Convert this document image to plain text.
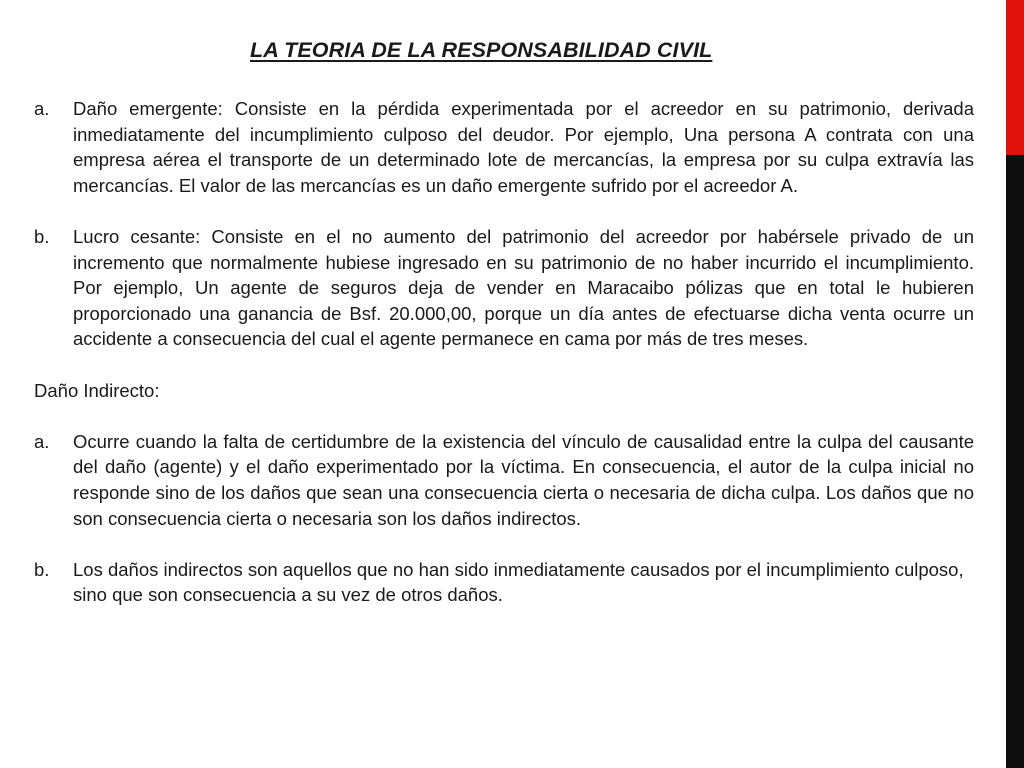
LA TEORIA DE LA RESPONSABILIDAD CIVIL
a.	Daño emergente: Consiste en la pérdida experimentada por el acreedor en su patrimonio, derivada inmediatamente del incumplimiento culposo del deudor. Por ejemplo, Una persona A contrata con una empresa aérea el transporte de un determinado lote de mercancías, la empresa por su culpa extravía las mercancías. El valor de las mercancías es un daño emergente sufrido por el acreedor A.
b.	Lucro cesante: Consiste en el no aumento del patrimonio del acreedor por habérsele privado de un incremento que normalmente hubiese ingresado en su patrimonio de no haber incurrido el incumplimiento. Por ejemplo, Un agente de seguros deja de vender en Maracaibo pólizas que en total le hubieren proporcionado una ganancia de Bsf. 20.000,00, porque un día antes de efectuarse dicha venta ocurre un accidente a consecuencia del cual el agente permanece en cama por más de tres meses.
Daño Indirecto:
a.	Ocurre cuando la falta de certidumbre de la existencia del vínculo de causalidad entre la culpa del causante del daño (agente) y el daño experimentado por la víctima. En consecuencia, el autor de la culpa inicial no responde sino de los daños que sean una consecuencia cierta o necesaria de dicha culpa. Los daños que no son consecuencia cierta o necesaria son los daños indirectos.
b.	Los daños indirectos son aquellos que no han sido inmediatamente causados por el incumplimiento culposo, sino que son consecuencia a su vez de otros daños.
